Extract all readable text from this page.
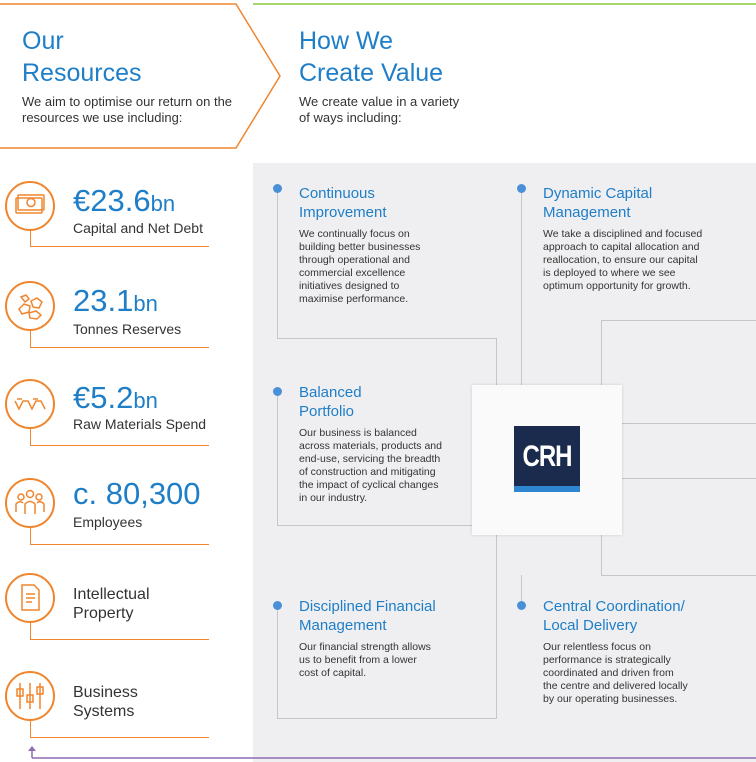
Our
Resources
We aim to optimise our return on the
resources we use including:
How We
Create Value
We create value in a variety
of ways including:
CRH
Continuous
Improvement
We continually focus on
building better businesses
through operational and
commercial excellence
initiatives designed to
maximise performance.
Dynamic Capital
Management
We take a disciplined and focused
approach to capital allocation and
reallocation, to ensure our capital
is deployed to where we see
optimum opportunity for growth.
Balanced
Portfolio
Our business is balanced
across materials, products and
end-use, servicing the breadth
of construction and mitigating
the impact of cyclical changes
in our industry.
Disciplined Financial
Management
Our financial strength allows
us to benefit from a lower
cost of capital.
Central Coordination/
Local Delivery
Our relentless focus on
performance is strategically
coordinated and driven from
the centre and delivered locally
by our operating businesses.
€23.6bn
Capital and Net Debt
23.1bn
Tonnes Reserves
€5.2bn
Raw Materials Spend
c. 80,300
Employees
Intellectual
Property
Business
Systems
